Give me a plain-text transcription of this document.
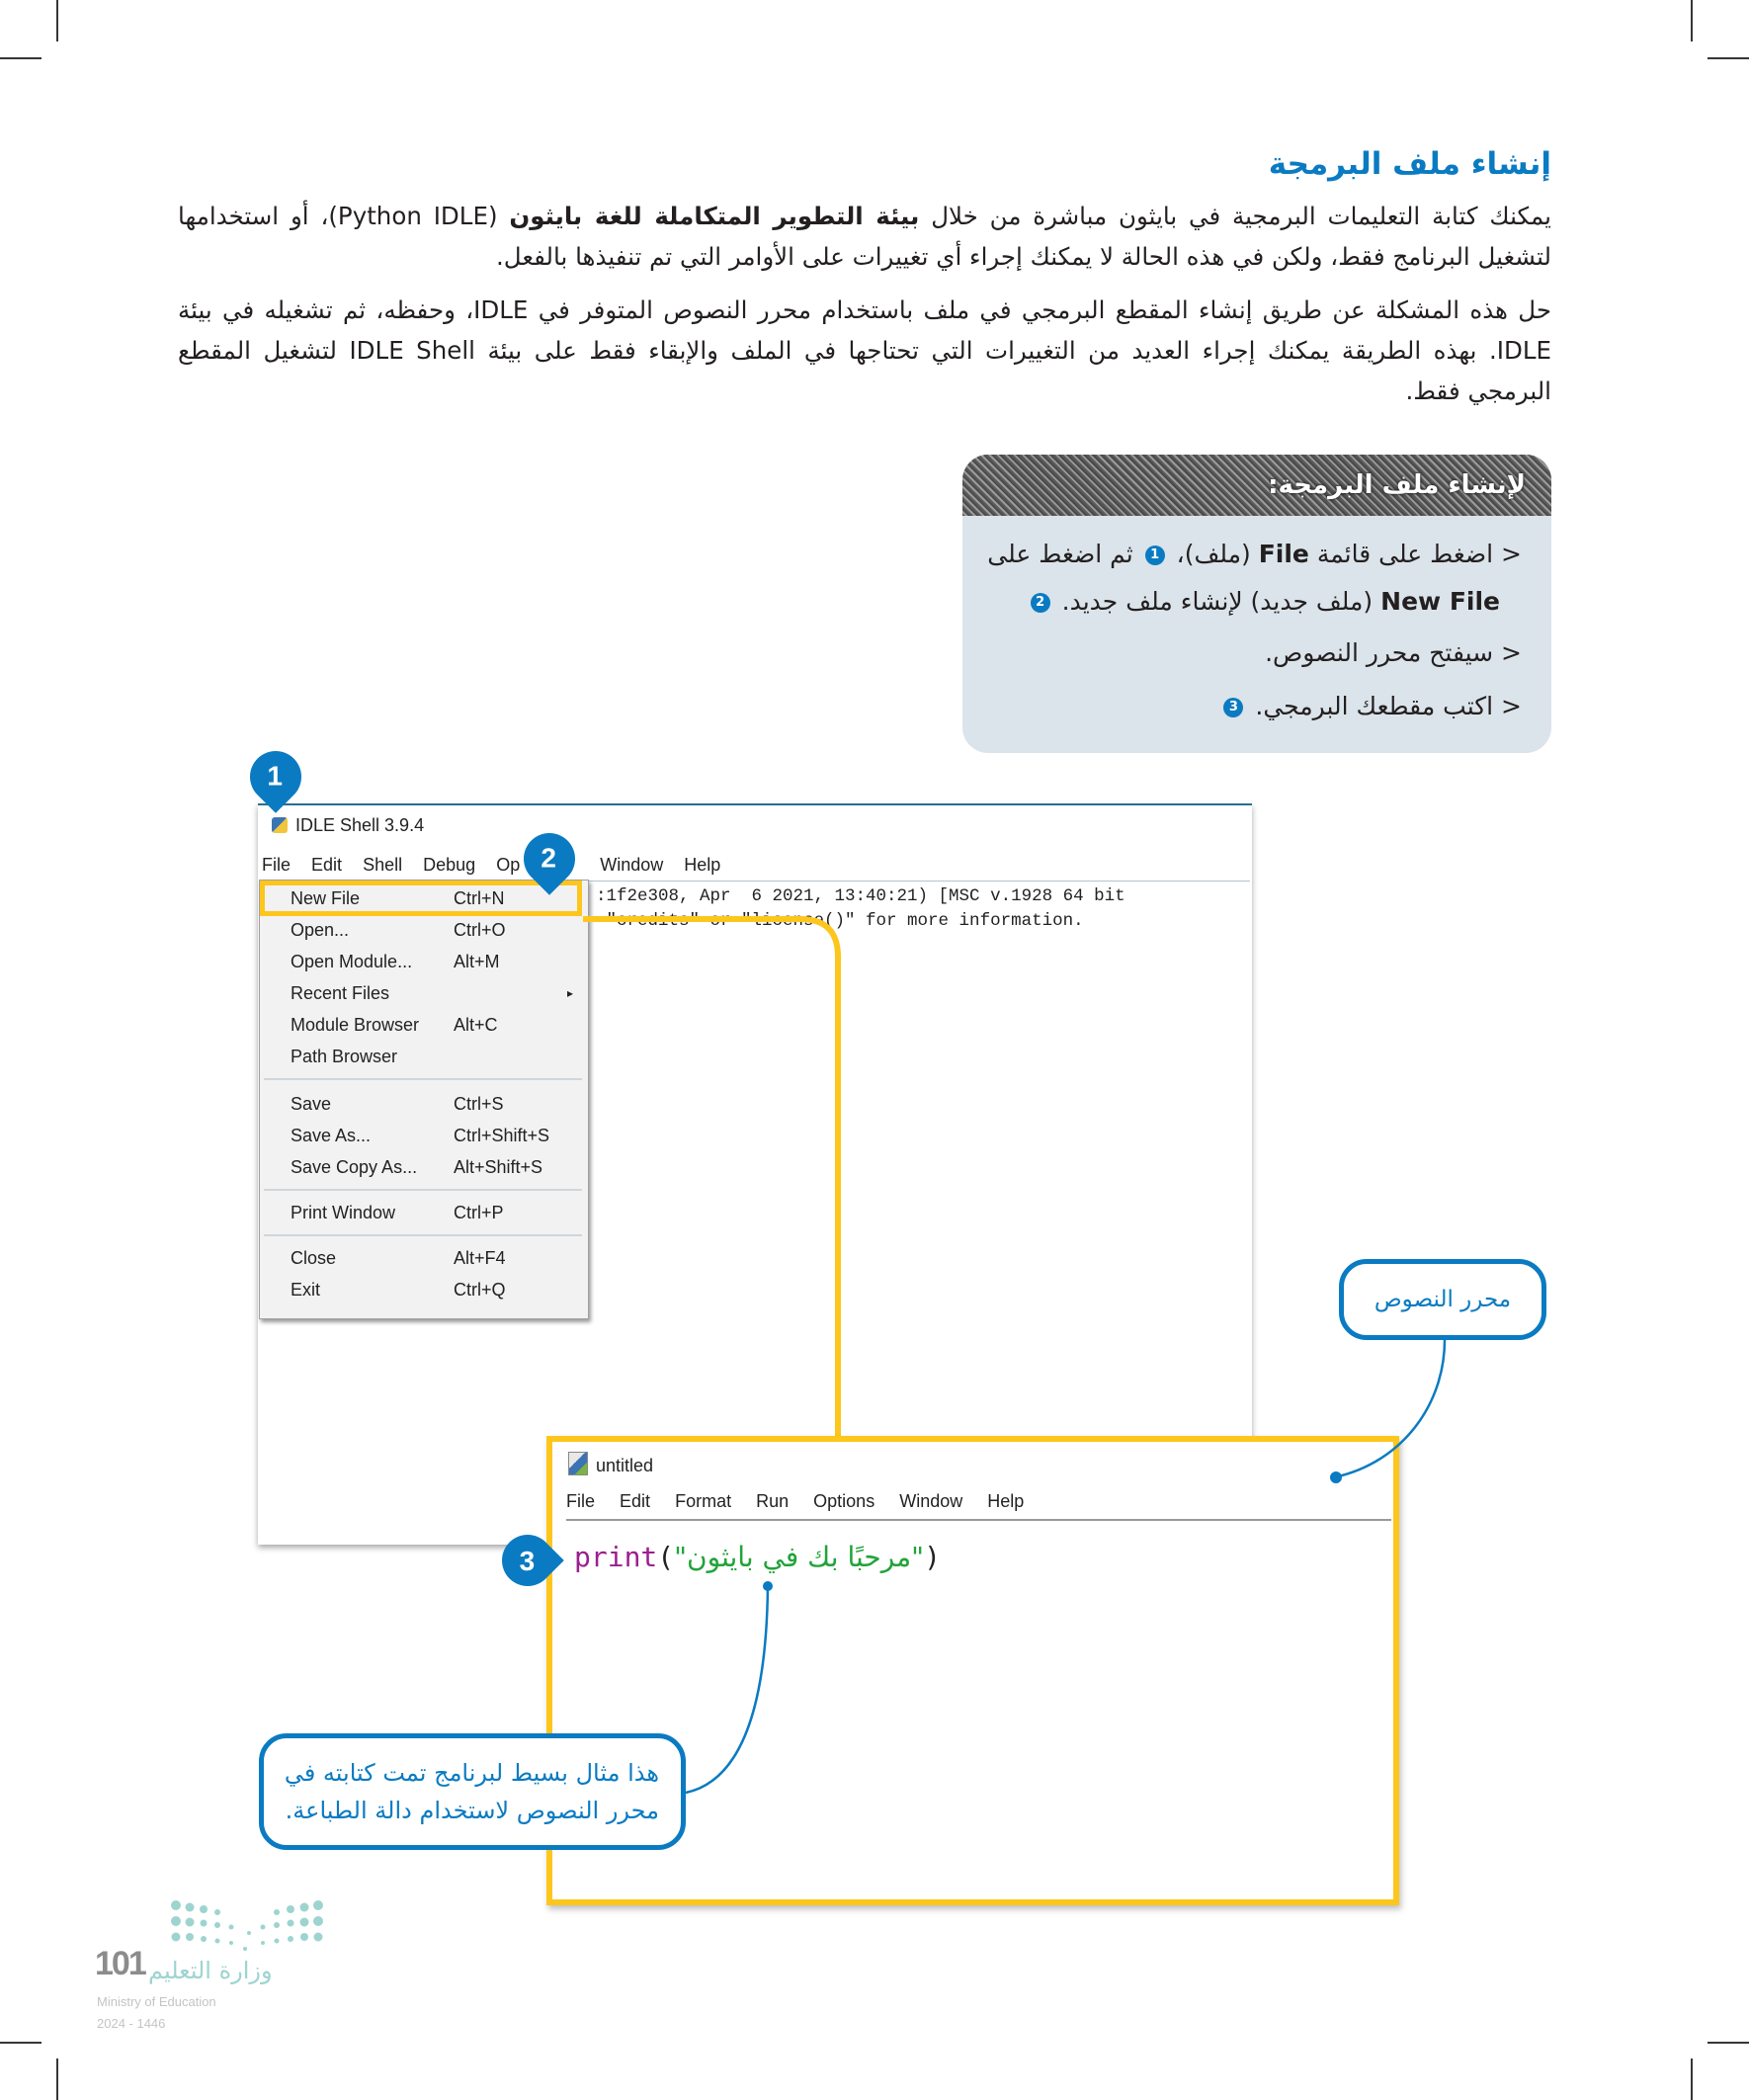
إنشاء ملف البرمجة
يمكنك كتابة التعليمات البرمجية في بايثون مباشرة من خلال بيئة التطوير المتكاملة للغة بايثون (Python IDLE)، أو استخدامها لتشغيل البرنامج فقط، ولكن في هذه الحالة لا يمكنك إجراء أي تغييرات على الأوامر التي تم تنفيذها بالفعل.
حل هذه المشكلة عن طريق إنشاء المقطع البرمجي في ملف باستخدام محرر النصوص المتوفر في IDLE، وحفظه، ثم تشغيله في بيئة IDLE. بهذه الطريقة يمكنك إجراء العديد من التغييرات التي تحتاجها في الملف والإبقاء فقط على بيئة IDLE Shell لتشغيل المقطع البرمجي فقط.
لإنشاء ملف البرمجة:
< اضغط على قائمة File (ملف)، 1 ثم اضغط على
New File (ملف جديد) لإنشاء ملف جديد. 2
< سيفتح محرر النصوص.
< اكتب مقطعك البرمجي. 3
IDLE Shell 3.9.4
File Edit Shell Debug Op	Window Help
:1f2e308, Apr  6 2021, 13:40:21) [MSC v.1928 64 bit
"credits" or "license()" for more information.
New File	Ctrl+N
Open...	Ctrl+O
Open Module... Alt+M
Recent Files	▸
Module Browser Alt+C
Path Browser
Save	Ctrl+S
Save As...	Ctrl+Shift+S
Save Copy As... Alt+Shift+S
Print Window	Ctrl+P
Close	Alt+F4
Exit	Ctrl+Q
untitled
File Edit Format Run Options Window Help
print("مرحبًا بك في بايثون")
1
2
3
محرر النصوص
هذا مثال بسيط لبرنامج تمت كتابته في
محرر النصوص لاستخدام دالة الطباعة.
101 وزارة التعليم
Ministry of Education
2024 - 1446
